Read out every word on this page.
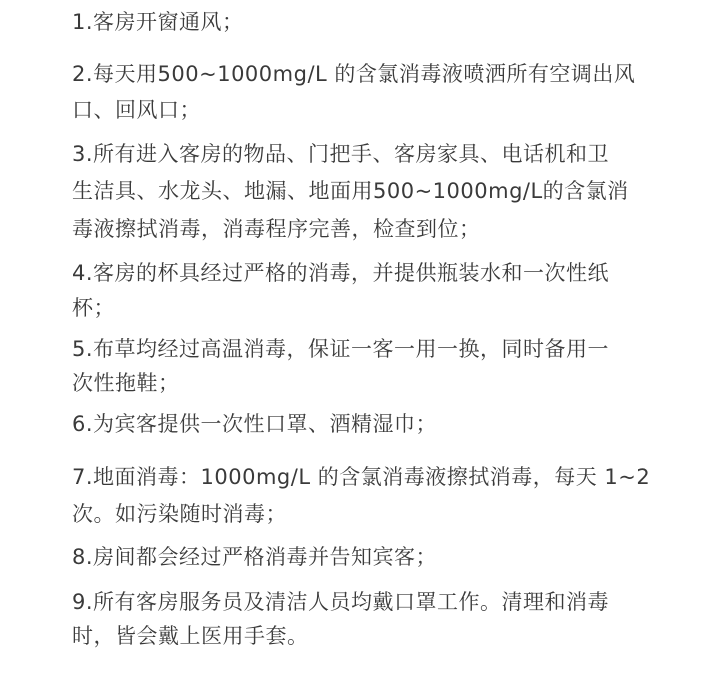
1.客房开窗通风；
2.每天用500~1000mg/L 的含氯消毒液喷洒所有空调出风
口、回风口；
3.所有进入客房的物品、门把手、客房家具、电话机和卫
生洁具、水龙头、地漏、地面用500~1000mg/L的含氯消
毒液擦拭消毒，消毒程序完善，检查到位；
4.客房的杯具经过严格的消毒，并提供瓶装水和一次性纸
杯；
5.布草均经过高温消毒，保证一客一用一换，同时备用一
次性拖鞋；
6.为宾客提供一次性口罩、酒精湿巾；
7.地面消毒：1000mg/L 的含氯消毒液擦拭消毒，每天 1~2
次。如污染随时消毒；
8.房间都会经过严格消毒并告知宾客；
9.所有客房服务员及清洁人员均戴口罩工作。清理和消毒
时，皆会戴上医用手套。
